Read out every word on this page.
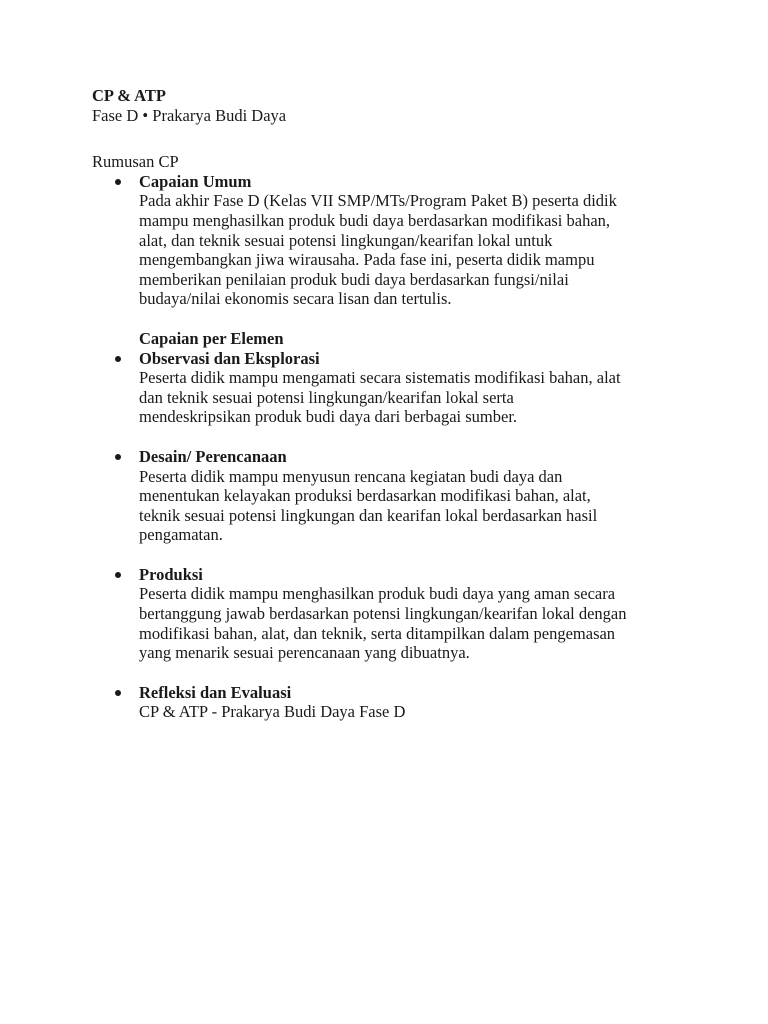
CP & ATP

Fase D • Prakarya Budi Daya

Rumusan CP

Capaian Umum
Pada akhir Fase D (Kelas VII SMP/MTs/Program Paket B) peserta didik
mampu menghasilkan produk budi daya berdasarkan modifikasi bahan,
alat, dan teknik sesuai potensi lingkungan/kearifan lokal untuk
mengembangkan jiwa wirausaha. Pada fase ini, peserta didik mampu
memberikan penilaian produk budi daya berdasarkan fungsi/nilai
budaya/nilai ekonomis secara lisan dan tertulis.
Capaian per Elemen
Observasi dan Eksplorasi
Peserta didik mampu mengamati secara sistematis modifikasi bahan, alat
dan teknik sesuai potensi lingkungan/kearifan lokal serta
mendeskripsikan produk budi daya dari berbagai sumber.
Desain/ Perencanaan
Peserta didik mampu menyusun rencana kegiatan budi daya dan
menentukan kelayakan produksi berdasarkan modifikasi bahan, alat,
teknik sesuai potensi lingkungan dan kearifan lokal berdasarkan hasil
pengamatan.
Produksi
Peserta didik mampu menghasilkan produk budi daya yang aman secara
bertanggung jawab berdasarkan potensi lingkungan/kearifan lokal dengan
modifikasi bahan, alat, dan teknik, serta ditampilkan dalam pengemasan
yang menarik sesuai perencanaan yang dibuatnya.
Refleksi dan Evaluasi
CP & ATP - Prakarya Budi Daya Fase D
